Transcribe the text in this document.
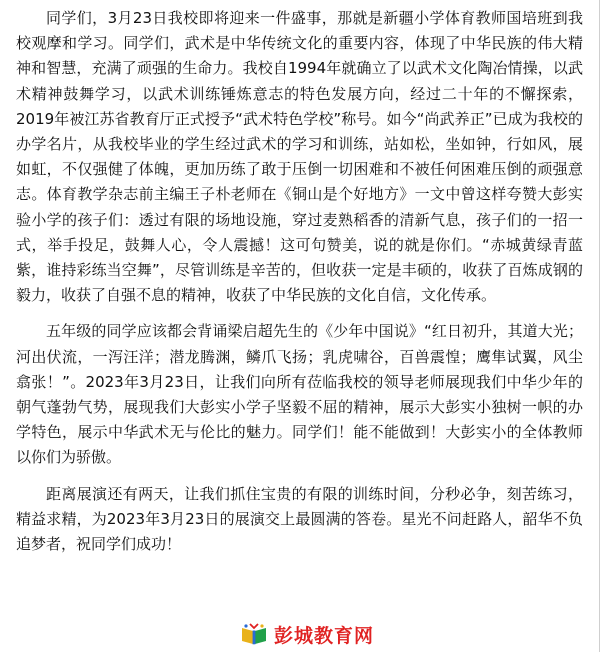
同学们，3月23日我校即将迎来一件盛事，那就是新疆小学体育教师国培班到我校观摩和学习。同学们，武术是中华传统文化的重要内容，体现了中华民族的伟大精神和智慧，充满了顽强的生命力。我校自1994年就确立了以武术文化陶冶情操，以武术精神鼓舞学习，以武术训练锤炼意志的特色发展方向，经过二十年的不懈探索，2019年被江苏省教育厅正式授予“武术特色学校”称号。如今“尚武养正”已成为我校的办学名片，从我校毕业的学生经过武术的学习和训练，站如松，坐如钟，行如风，展如虹，不仅强健了体魄，更加历练了敢于压倒一切困难和不被任何困难压倒的顽强意志。体育教学杂志前主编王子朴老师在《铜山是个好地方》一文中曾这样夸赞大彭实验小学的孩子们：透过有限的场地设施，穿过麦熟稻香的清新气息，孩子们的一招一式，举手投足，鼓舞人心，令人震撼！这可句赞美，说的就是你们。“赤城黄绿青蓝紫，谁持彩练当空舞”，尽管训练是辛苦的，但收获一定是丰硕的，收获了百炼成钢的毅力，收获了自强不息的精神，收获了中华民族的文化自信，文化传承。

五年级的同学应该都会背诵梁启超先生的《少年中国说》“红日初升，其道大光；河出伏流，一泻汪洋；潜龙腾渊，鳞爪飞扬；乳虎啸谷，百兽震惶；鹰隼试翼，风尘翕张！”。2023年3月23日，让我们向所有莅临我校的领导老师展现我们中华少年的朝气蓬勃气势，展现我们大彭实小学子坚毅不屈的精神，展示大彭实小独树一帜的办学特色，展示中华武术无与伦比的魅力。同学们！能不能做到！大彭实小的全体教师以你们为骄傲。

距离展演还有两天，让我们抓住宝贵的有限的训练时间，分秒必争，刻苦练习，精益求精，为2023年3月23日的展演交上最圆满的答卷。星光不问赶路人，韶华不负追梦者，祝同学们成功！

彭城教育网
